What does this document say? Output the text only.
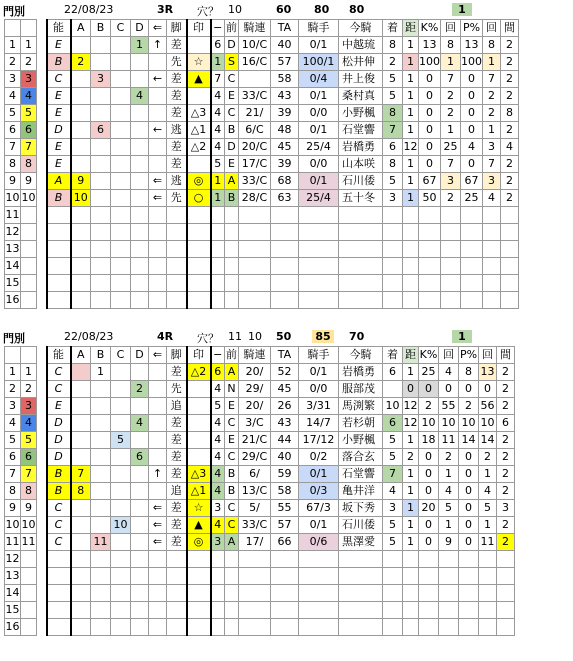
門別	22/08/23	3R 穴？ 10	60 80 80	1
			能	A	B	C	D	⇐	脚	印	−	前	騎連	TA	騎手	今騎	着	距	K%	回	P%	回	間
1	1		E				1	↑	差		6	D	10/C	40	0/1	中越琉	8	1	13	8	13	8	2
2	2		B	2					先	☆	1	S	16/C	57	100/1	松井伸	2	1	100	1	100	1	2
3	3		C		3			←	差	▲	7	C		58	0/4	井上俊	5	1	0	7	0	7	2
4	4		E				4		差		4	E	33/C	43	0/1	桑村真	5	1	0	2	0	2	2
5	5		E						差	△3	4	C	21/	39	0/0	小野楓	8	1	0	2	0	2	8
6	6		D		6			←	逃	△1	4	B	6/C	48	0/1	石堂響	7	1	0	1	0	1	2
7	7		E						差	△2	4	D	20/C	45	25/4	岩橋勇	6	12	0	25	4	3	4
8	8		E						差		5	E	17/C	39	0/0	山本咲	8	1	0	7	0	7	2
9	9		A	9				⇐	逃	◎	1	A	33/C	68	0/1	石川倭	5	1	67	3	67	3	2
10	10		B	10				⇐	先	○	1	B	28/C	63	25/4	五十冬	3	1	50	2	25	4	2
11																							
12																							
13																							
14																							
15																							
16																							
門別	22/08/23	4R 穴？ 11 10 50	85	70	1
			能	A	B	C	D	⇐	脚	印	−	前	騎連	TA	騎手	今騎	着	距	K%	回	P%	回	間
1	1		C		1				差	△2	6	A	20/	52	0/1	岩橋勇	6	1	25	4	8	13	2
2	2		C				2		先		4	N	29/	45	0/0	服部茂		0	0	0	0	0	2
3	3		E						追		5	E	20/	26	3/31	馬渕繁	10	12	2	55	2	56	2
4	4		D				4		差		4	C	3/C	43	14/7	若杉朝	6	12	10	10	10	10	6
5	5		D			5			差		4	E	21/C	44	17/12	小野楓	5	1	18	11	14	14	2
6	6		D				6		差		4	C	29/C	40	0/2	落合玄	5	2	0	2	0	2	2
7	7		B	7				↑	差	△3	4	B	6/	59	0/1	石堂響	7	1	0	1	0	1	2
8	8		B	8					追	△1	4	B	13/C	58	0/3	亀井洋	4	1	0	4	0	4	2
9	9		C					⇐	差	☆	3	C	5/	55	67/3	坂下秀	3	1	20	5	0	5	3
10	10		C			10		⇐	差	▲	4	C	33/C	57	0/1	石川倭	5	1	0	1	0	1	2
11	11		C		11			⇐	差	◎	3	A	17/	66	0/6	黒澤愛	5	1	0	9	0	11	2
12																							
13																							
14																							
15																							
16																							
